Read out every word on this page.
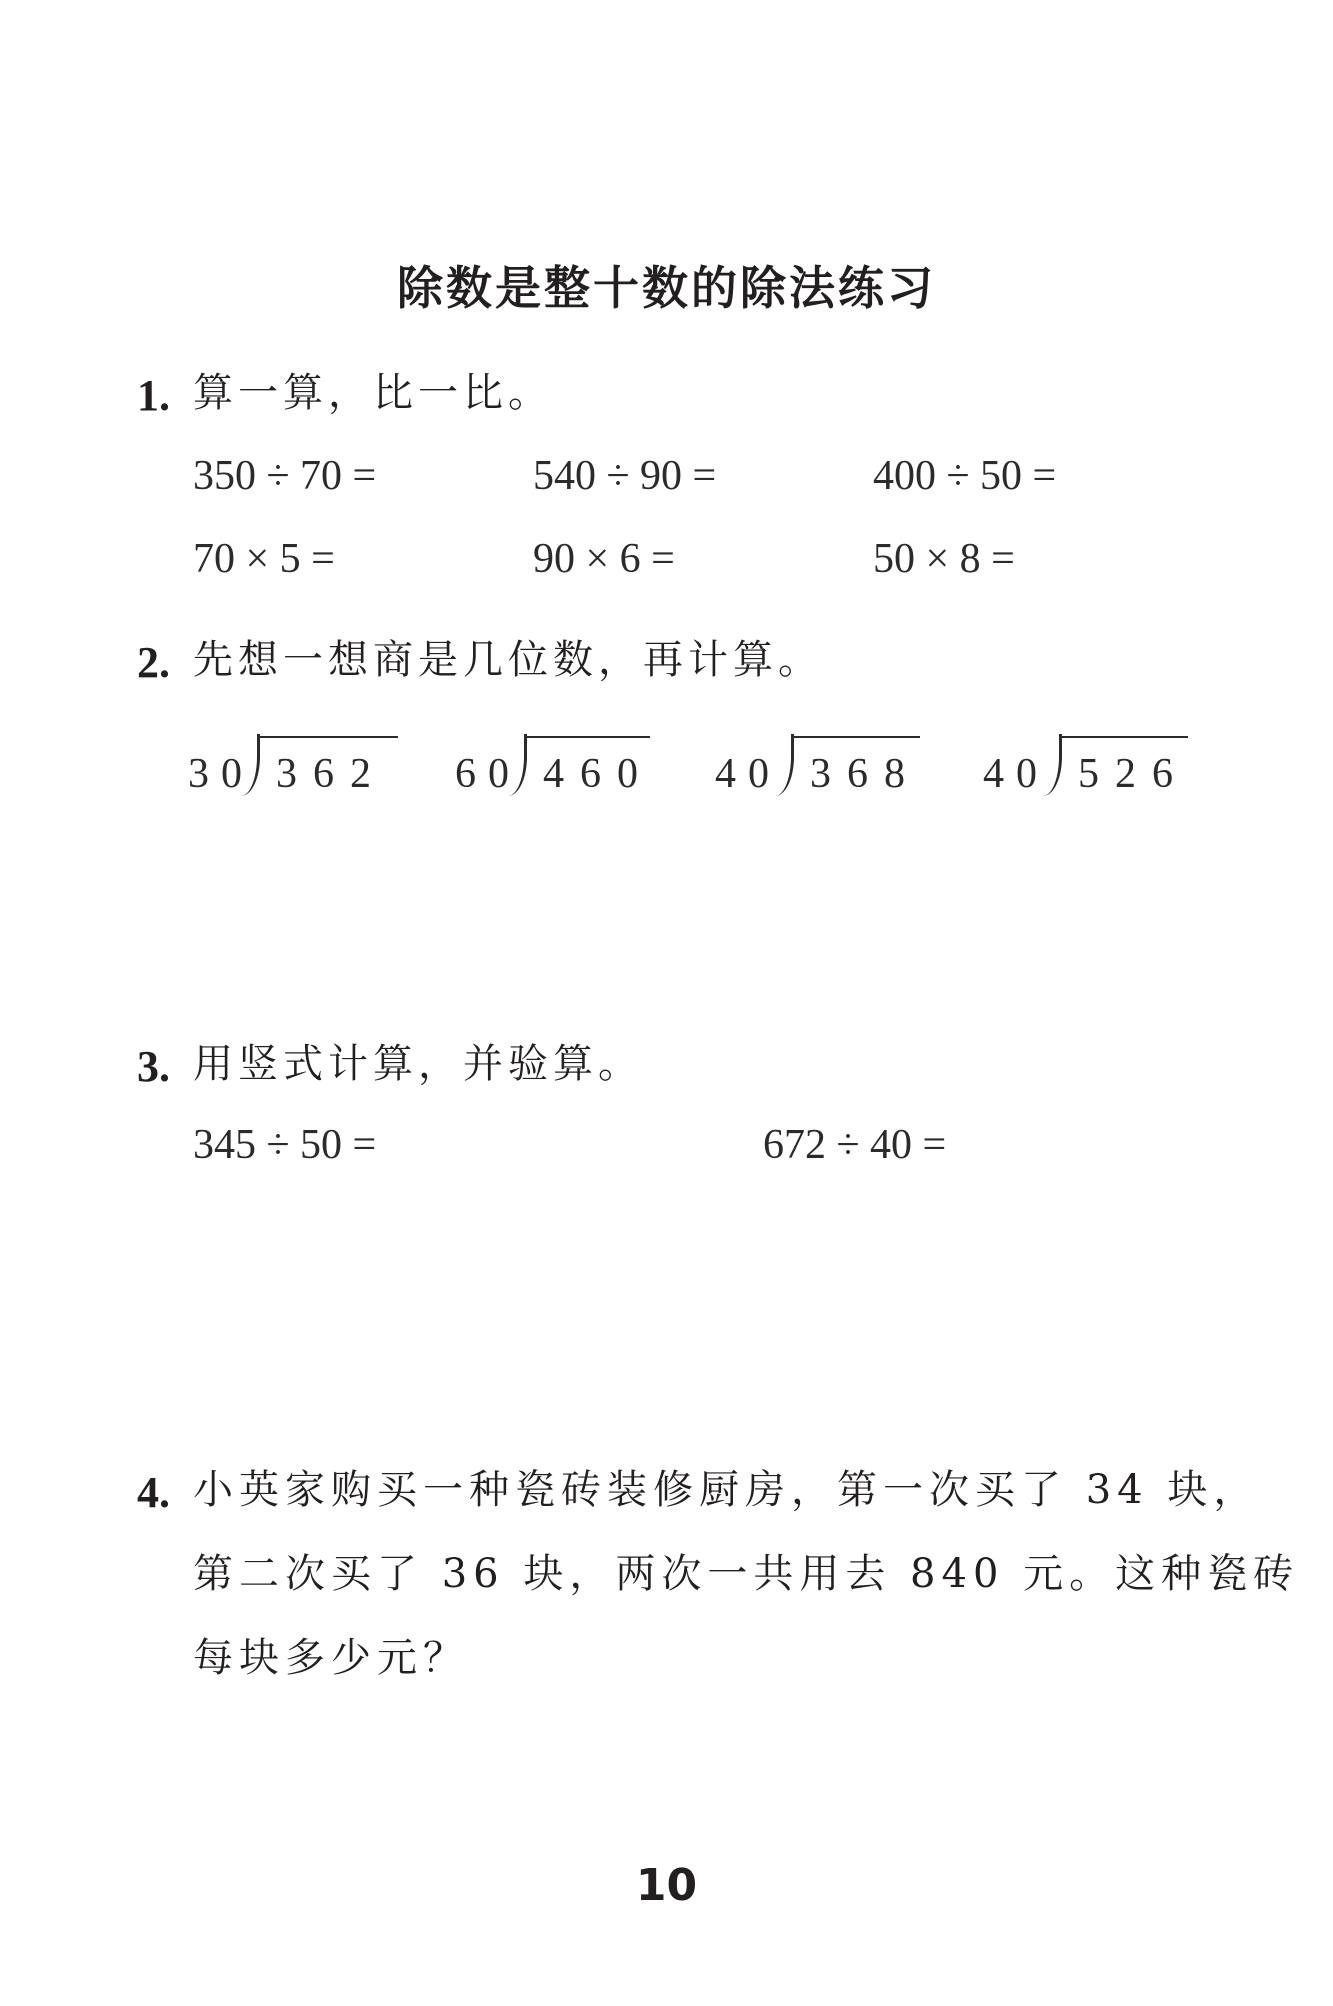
除数是整十数的除法练习
1. 算一算，比一比。
350 ÷ 70 =	540 ÷ 90 =	400 ÷ 50 =
70 × 5 =	90 × 6 =	50 × 8 =
2. 先想一想商是几位数，再计算。
30 362 60 460 40 368 40 526
3. 用竖式计算，并验算。
345 ÷ 50 =	672 ÷ 40 =
4. 小英家购买一种瓷砖装修厨房，第一次买了 34 块，
第二次买了 36 块，两次一共用去 840 元。这种瓷砖
每块多少元？
10
